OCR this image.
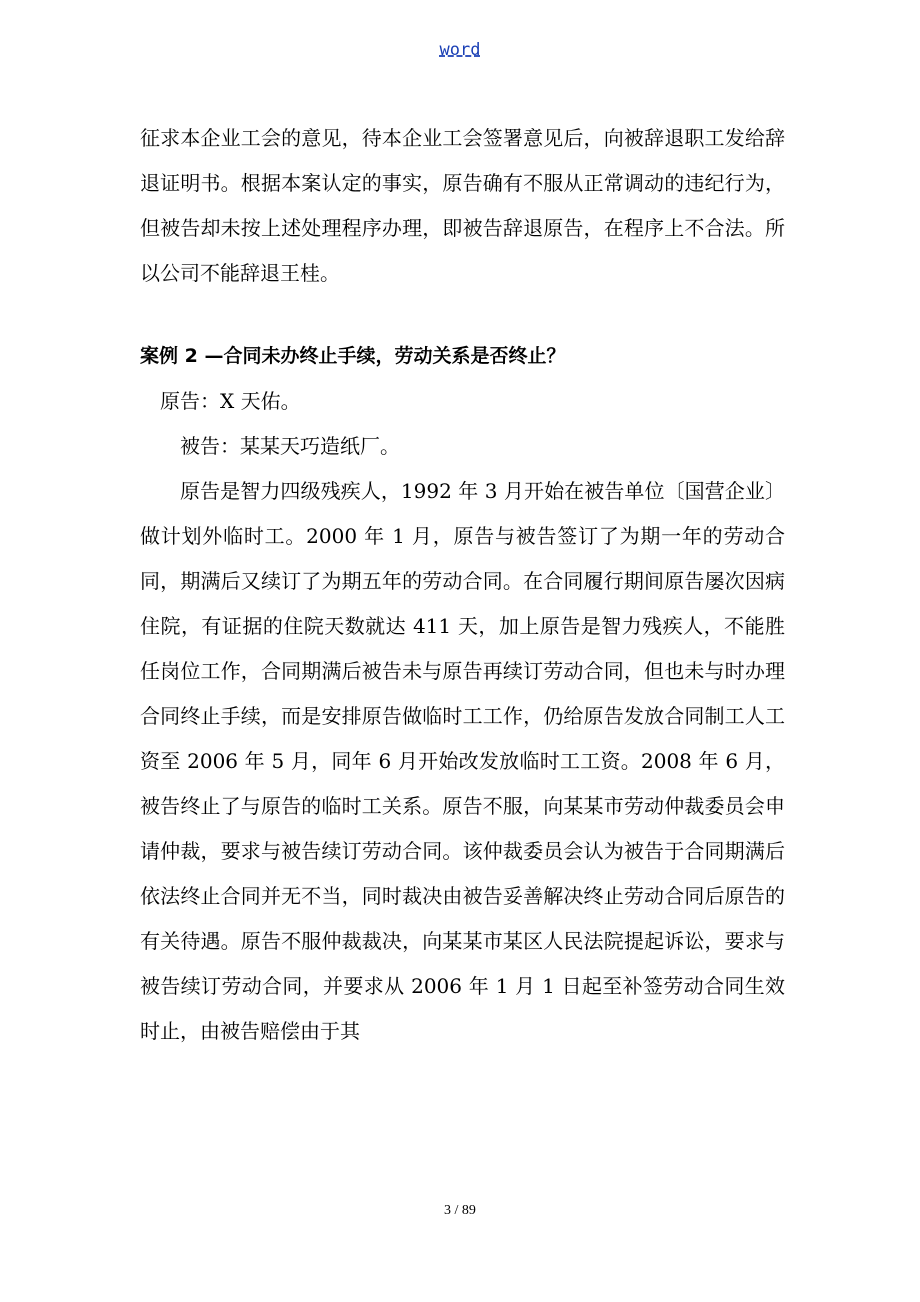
word

征求本企业工会的意见，待本企业工会签署意见后，向被辞退职工发给辞退证明书。根据本案认定的事实，原告确有不服从正常调动的违纪行为，但被告却未按上述处理程序办理，即被告辞退原告，在程序上不合法。所以公司不能辞退王桂。

案例 2 —合同未办终止手续，劳动关系是否终止？

原告：X 天佑。

被告：某某天巧造纸厂。

原告是智力四级残疾人，1992 年 3 月开始在被告单位〔国营企业〕做计划外临时工。2000 年 1 月，原告与被告签订了为期一年的劳动合同，期满后又续订了为期五年的劳动合同。在合同履行期间原告屡次因病住院，有证据的住院天数就达 411 天，加上原告是智力残疾人，不能胜任岗位工作，合同期满后被告未与原告再续订劳动合同，但也未与时办理合同终止手续，而是安排原告做临时工工作，仍给原告发放合同制工人工资至 2006 年 5 月，同年 6 月开始改发放临时工工资。2008 年 6 月，被告终止了与原告的临时工关系。原告不服，向某某市劳动仲裁委员会申请仲裁，要求与被告续订劳动合同。该仲裁委员会认为被告于合同期满后依法终止合同并无不当，同时裁决由被告妥善解决终止劳动合同后原告的有关待遇。原告不服仲裁裁决，向某某市某区人民法院提起诉讼，要求与被告续订劳动合同，并要求从 2006 年 1 月 1 日起至补签劳动合同生效时止，由被告赔偿由于其

3 / 89
